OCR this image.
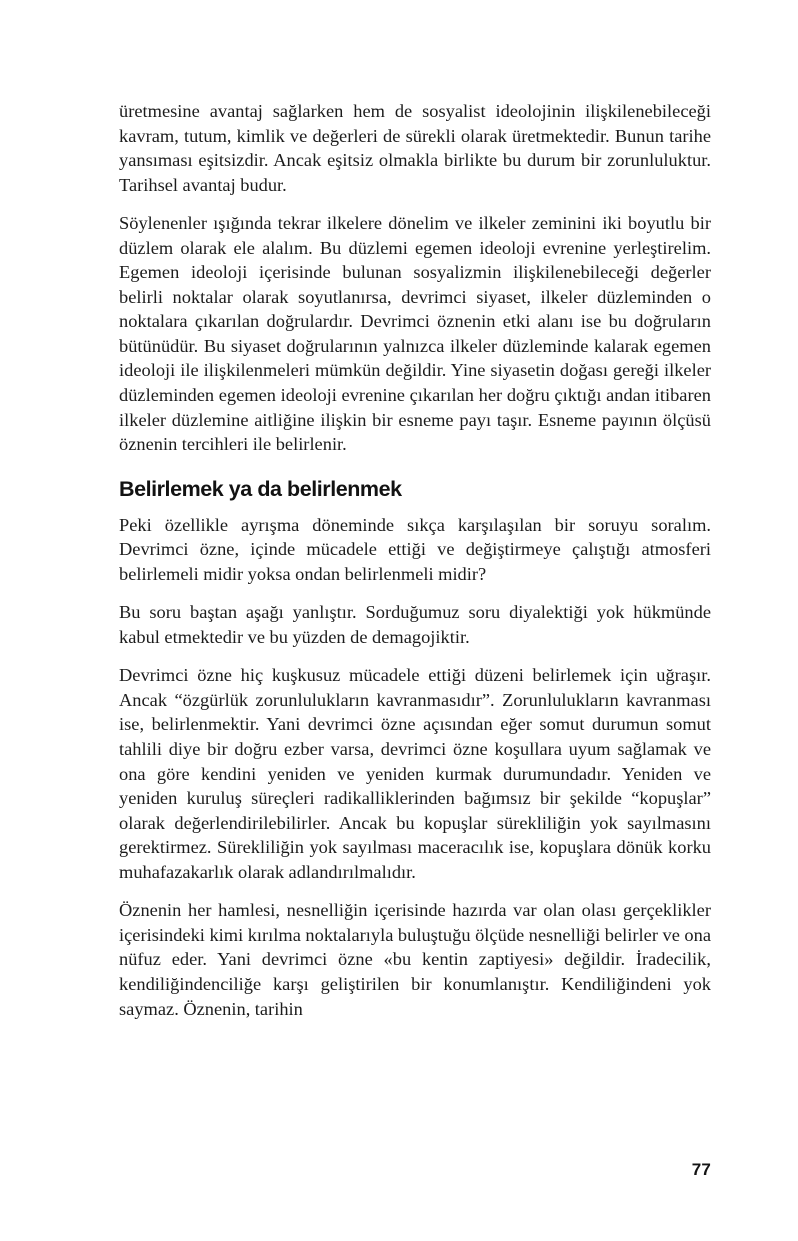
üretmesine avantaj sağlarken hem de sosyalist ideolojinin ilişkilenebileceği kavram, tutum, kimlik ve değerleri de sürekli olarak üretmektedir. Bunun tarihe yansıması eşitsizdir. Ancak eşitsiz olmakla birlikte bu durum bir zorunluluktur. Tarihsel avantaj budur.

Söylenenler ışığında tekrar ilkelere dönelim ve ilkeler zeminini iki boyutlu bir düzlem olarak ele alalım. Bu düzlemi egemen ideoloji evrenine yerleştirelim. Egemen ideoloji içerisinde bulunan sosyalizmin ilişkilenebileceği değerler belirli noktalar olarak soyutlanırsa, devrimci siyaset, ilkeler düzleminden o noktalara çıkarılan doğrulardır. Devrimci öznenin etki alanı ise bu doğruların bütünüdür. Bu siyaset doğrularının yalnızca ilkeler düzleminde kalarak egemen ideoloji ile ilişkilenmeleri mümkün değildir. Yine siyasetin doğası gereği ilkeler düzleminden egemen ideoloji evrenine çıkarılan her doğru çıktığı andan itibaren ilkeler düzlemine aitliğine ilişkin bir esneme payı taşır. Esneme payının ölçüsü öznenin tercihleri ile belirlenir.

Belirlemek ya da belirlenmek

Peki özellikle ayrışma döneminde sıkça karşılaşılan bir soruyu soralım. Devrimci özne, içinde mücadele ettiği ve değiştirmeye çalıştığı atmosferi belirlemeli midir yoksa ondan belirlenmeli midir?

Bu soru baştan aşağı yanlıştır. Sorduğumuz soru diyalektiği yok hükmünde kabul etmektedir ve bu yüzden de demagojiktir.

Devrimci özne hiç kuşkusuz mücadele ettiği düzeni belirlemek için uğraşır. Ancak “özgürlük zorunlulukların kavranmasıdır”. Zorunlulukların kavranması ise, belirlenmektir. Yani devrimci özne açısından eğer somut durumun somut tahlili diye bir doğru ezber varsa, devrimci özne koşullara uyum sağlamak ve ona göre kendini yeniden ve yeniden kurmak durumundadır. Yeniden ve yeniden kuruluş süreçleri radikalliklerinden bağımsız bir şekilde “kopuşlar” olarak değerlendirilebilirler. Ancak bu kopuşlar sürekliliğin yok sayılmasını gerektirmez. Sürekliliğin yok sayılması maceracılık ise, kopuşlara dönük korku muhafazakarlık olarak adlandırılmalıdır.

Öznenin her hamlesi, nesnelliğin içerisinde hazırda var olan olası gerçeklikler içerisindeki kimi kırılma noktalarıyla buluştuğu ölçüde nesnelliği belirler ve ona nüfuz eder. Yani devrimci özne «bu kentin zaptiyesi» değildir. İradecilik, kendiliğindenciliğe karşı geliştirilen bir konumlanıştır. Kendiliğindeni yok saymaz. Öznenin, tarihin

77
